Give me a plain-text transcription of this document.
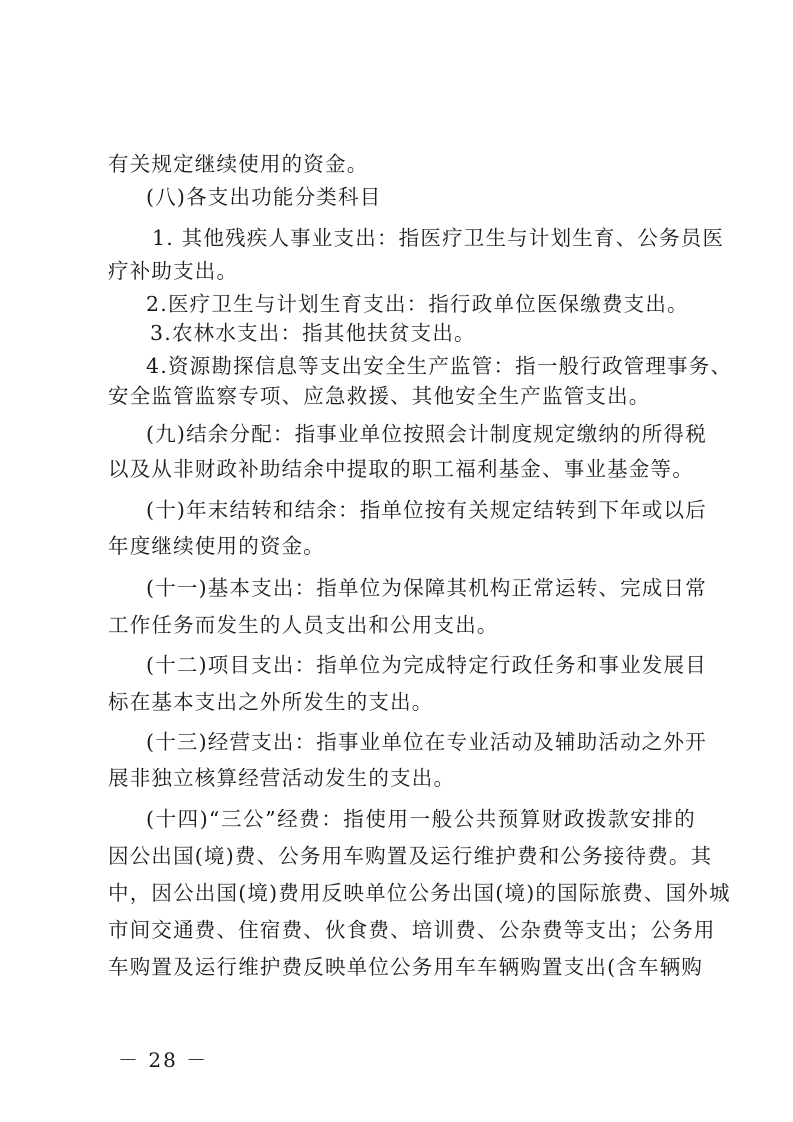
有关规定继续使用的资金。
(八)各支出功能分类科目
1. 其他残疾人事业支出：指医疗卫生与计划生育、公务员医
疗补助支出。
2.医疗卫生与计划生育支出：指行政单位医保缴费支出。
3.农林水支出：指其他扶贫支出。
4.资源勘探信息等支出安全生产监管：指一般行政管理事务、
安全监管监察专项、应急救援、其他安全生产监管支出。
(九)结余分配：指事业单位按照会计制度规定缴纳的所得税
以及从非财政补助结余中提取的职工福利基金、事业基金等。
(十)年末结转和结余：指单位按有关规定结转到下年或以后
年度继续使用的资金。
(十一)基本支出：指单位为保障其机构正常运转、完成日常
工作任务而发生的人员支出和公用支出。
(十二)项目支出：指单位为完成特定行政任务和事业发展目
标在基本支出之外所发生的支出。
(十三)经营支出：指事业单位在专业活动及辅助活动之外开
展非独立核算经营活动发生的支出。
(十四)“三公”经费：指使用一般公共预算财政拨款安排的
因公出国(境)费、公务用车购置及运行维护费和公务接待费。其
中，因公出国(境)费用反映单位公务出国(境)的国际旅费、国外城
市间交通费、住宿费、伙食费、培训费、公杂费等支出；公务用
车购置及运行维护费反映单位公务用车车辆购置支出(含车辆购
－ 28 －
